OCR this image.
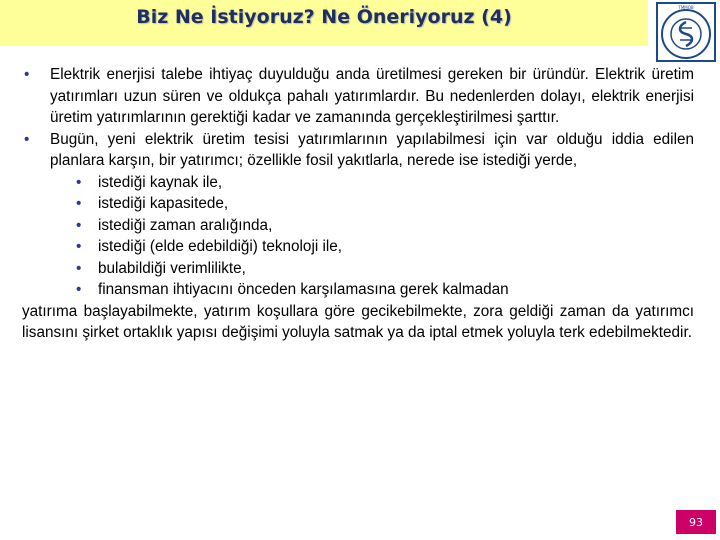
Biz Ne İstiyoruz? Ne Öneriyoruz (4)	TMMOB
• Elektrik enerjisi talebe ihtiyaç duyulduğu anda üretilmesi gereken bir üründür. Elektrik üretim yatırımları uzun süren ve oldukça pahalı yatırımlardır. Bu nedenlerden dolayı, elektrik enerjisi üretim yatırımlarının gerektiği kadar ve zamanında gerçekleştirilmesi şarttır.
• Bugün, yeni elektrik üretim tesisi yatırımlarının yapılabilmesi için var olduğu iddia edilen planlara karşın, bir yatırımcı; özellikle fosil yakıtlarla, nerede ise istediği yerde,
• istediği kaynak ile,
• istediği kapasitede,
• istediği zaman aralığında,
• istediği (elde edebildiği) teknoloji ile,
• bulabildiği verimlilikte,
• finansman ihtiyacını önceden karşılamasına gerek kalmadan
yatırıma başlayabilmekte, yatırım koşullara göre gecikebilmekte, zora geldiği zaman da yatırımcı lisansını şirket ortaklık yapısı değişimi yoluyla satmak ya da iptal etmek yoluyla terk edebilmektedir.
93
